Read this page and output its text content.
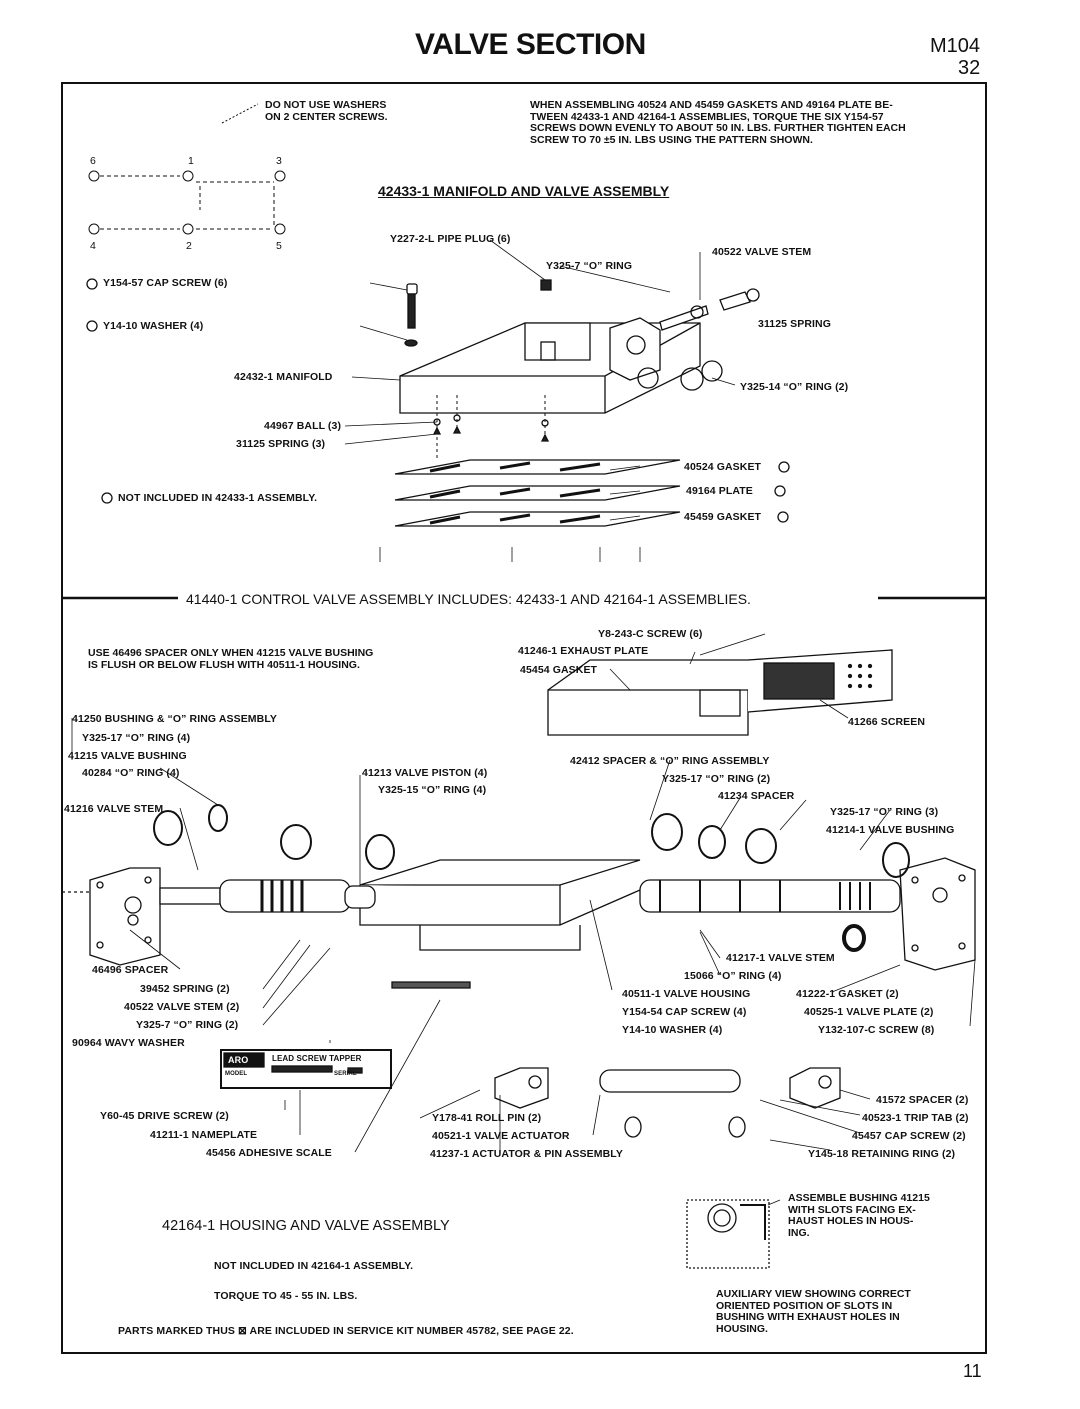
VALVE SECTION	M104
32
DO NOT USE WASHERS
ON 2 CENTER SCREWS.
WHEN ASSEMBLING 40524 AND 45459 GASKETS AND 49164 PLATE BE-
TWEEN 42433-1 AND 42164-1 ASSEMBLIES, TORQUE THE SIX Y154-57
SCREWS DOWN EVENLY TO ABOUT 50 IN. LBS. FURTHER TIGHTEN EACH
SCREW TO 70 ±5 IN. LBS USING THE PATTERN SHOWN.
6	1	3
4	2	5
42433-1 MANIFOLD AND VALVE ASSEMBLY
Y227-2-L PIPE PLUG (6)
Y325-7 “O” RING
40522 VALVE STEM
Y154-57 CAP SCREW (6)
31125 SPRING
Y14-10 WASHER (4)
42432-1 MANIFOLD
Y325-14 “O” RING (2)
44967 BALL (3)
31125 SPRING (3)
40524 GASKET
49164 PLATE
NOT INCLUDED IN 42433-1 ASSEMBLY.
45459 GASKET
41440-1 CONTROL VALVE ASSEMBLY INCLUDES: 42433-1 AND 42164-1 ASSEMBLIES.
USE 46496 SPACER ONLY WHEN 41215 VALVE BUSHING
IS FLUSH OR BELOW FLUSH WITH 40511-1 HOUSING.
Y8-243-C SCREW (6)
41246-1 EXHAUST PLATE
45454 GASKET
41266 SCREEN
41250 BUSHING & “O” RING ASSEMBLY
Y325-17 “O” RING (4)
41215 VALVE BUSHING
40284 “O” RING (4)	41213 VALVE PISTON (4)
Y325-15 “O” RING (4)
41216 VALVE STEM
42412 SPACER & “O” RING ASSEMBLY
Y325-17 “O” RING (2)
41234 SPACER
Y325-17 “O” RING (3)
41214-1 VALVE BUSHING
46496 SPACER
39452 SPRING (2)
40522 VALVE STEM (2)
Y325-7 “O” RING (2)
90964 WAVY WASHER
41217-1 VALVE STEM
15066 “O” RING (4)
40511-1 VALVE HOUSING	41222-1 GASKET (2)
Y154-54 CAP SCREW (4)	40525-1 VALVE PLATE (2)
Y14-10 WASHER (4)	Y132-107-C SCREW (8)
ARO	LEAD SCREW TAPPER
MODEL	SERIAL
Y60-45 DRIVE SCREW (2)
41211-1 NAMEPLATE
45456 ADHESIVE SCALE
Y178-41 ROLL PIN (2)
40521-1 VALVE ACTUATOR
41237-1 ACTUATOR & PIN ASSEMBLY
41572 SPACER (2)
40523-1 TRIP TAB (2)
45457 CAP SCREW (2)
Y145-18 RETAINING RING (2)
42164-1 HOUSING AND VALVE ASSEMBLY
ASSEMBLE BUSHING 41215
WITH SLOTS FACING EX-
HAUST HOLES IN HOUS-
ING.
AUXILIARY VIEW SHOWING CORRECT
ORIENTED POSITION OF SLOTS IN
BUSHING WITH EXHAUST HOLES IN
HOUSING.
NOT INCLUDED IN 42164-1 ASSEMBLY.
TORQUE TO 45 - 55 IN. LBS.
PARTS MARKED THUS ⊠ ARE INCLUDED IN SERVICE KIT NUMBER 45782, SEE PAGE 22.
11
